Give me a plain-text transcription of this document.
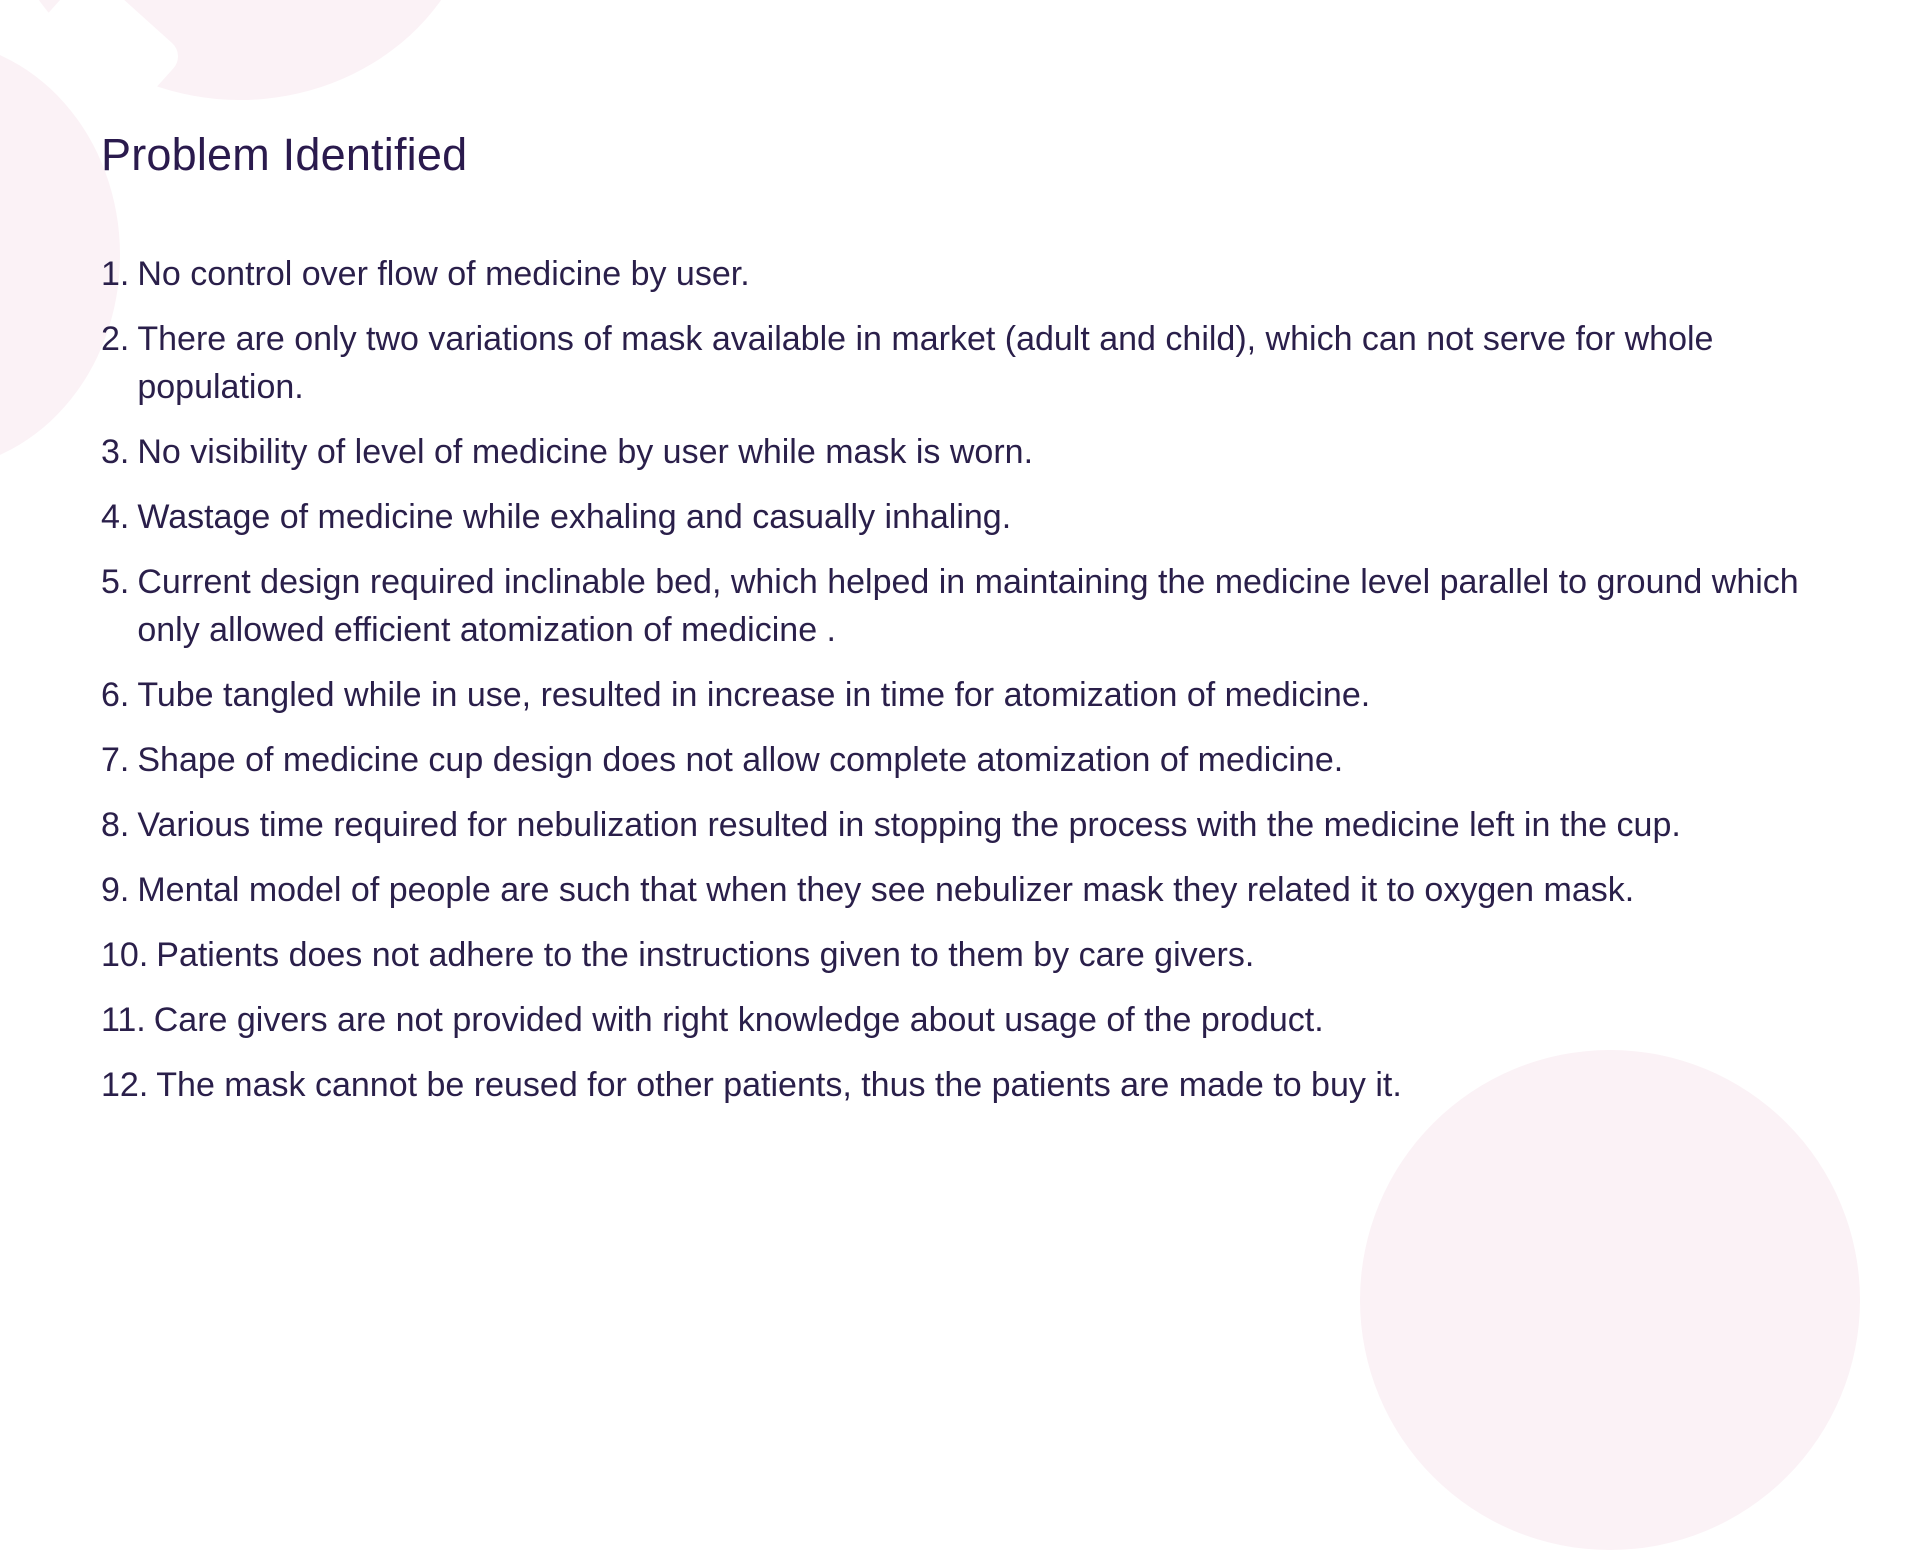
Problem Identified
1. No control over flow of medicine by user.
2. There are only two variations of mask available in market (adult and child), which can not serve for whole population.
3. No visibility of level of medicine by user while mask is worn.
4. Wastage of medicine while exhaling and casually inhaling.
5. Current design required inclinable bed, which helped in maintaining the medicine level parallel to ground which only allowed efficient atomization of medicine .
6. Tube tangled while in use, resulted in increase in time for atomization of medicine.
7. Shape of medicine cup design does not allow complete atomization of medicine.
8. Various time required for nebulization resulted in stopping the process with the medicine left in the cup.
9. Mental model of people are such that when they see nebulizer mask they related it to oxygen mask.
10. Patients does not adhere to the instructions given to them by care givers.
11. Care givers are not provided with right knowledge about usage of the product.
12. The mask cannot be reused for other patients, thus the patients are made to buy it.
